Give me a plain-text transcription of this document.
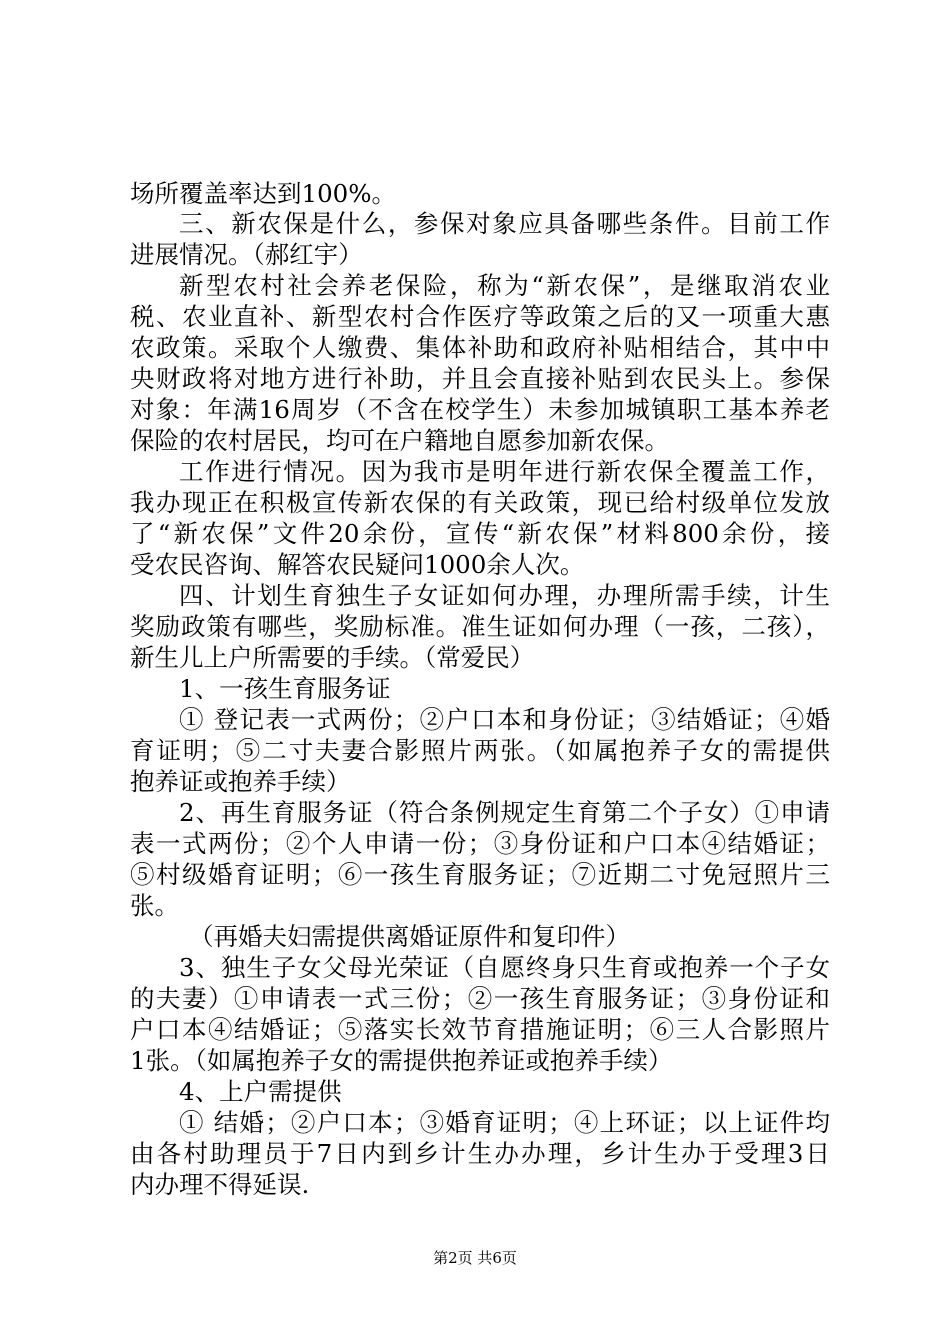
场所覆盖率达到100%。
三、新农保是什么，参保对象应具备哪些条件。目前工作
进展情况。（郝红宇）
新型农村社会养老保险，称为“新农保”，是继取消农业
税、农业直补、新型农村合作医疗等政策之后的又一项重大惠
农政策。采取个人缴费、集体补助和政府补贴相结合，其中中
央财政将对地方进行补助，并且会直接补贴到农民头上。参保
对象：年满16周岁（不含在校学生）未参加城镇职工基本养老
保险的农村居民，均可在户籍地自愿参加新农保。
工作进行情况。因为我市是明年进行新农保全覆盖工作，
我办现正在积极宣传新农保的有关政策，现已给村级单位发放
了“新农保”文件20余份，宣传“新农保”材料800余份，接
受农民咨询、解答农民疑问1000余人次。
四、计划生育独生子女证如何办理，办理所需手续，计生
奖励政策有哪些，奖励标准。准生证如何办理（一孩，二孩），
新生儿上户所需要的手续。（常爱民）
1、一孩生育服务证
① 登记表一式两份；②户口本和身份证；③结婚证；④婚
育证明；⑤二寸夫妻合影照片两张。（如属抱养子女的需提供
抱养证或抱养手续）
2、再生育服务证（符合条例规定生育第二个子女）①申请
表一式两份；②个人申请一份；③身份证和户口本④结婚证；
⑤村级婚育证明；⑥一孩生育服务证；⑦近期二寸免冠照片三
张。
（再婚夫妇需提供离婚证原件和复印件）
3、独生子女父母光荣证（自愿终身只生育或抱养一个子女
的夫妻）①申请表一式三份；②一孩生育服务证；③身份证和
户口本④结婚证；⑤落实长效节育措施证明；⑥三人合影照片
1张。（如属抱养子女的需提供抱养证或抱养手续）
4、上户需提供
① 结婚；②户口本；③婚育证明；④上环证；以上证件均
由各村助理员于7日内到乡计生办办理，乡计生办于受理3日
内办理不得延误.
第2页 共6页
